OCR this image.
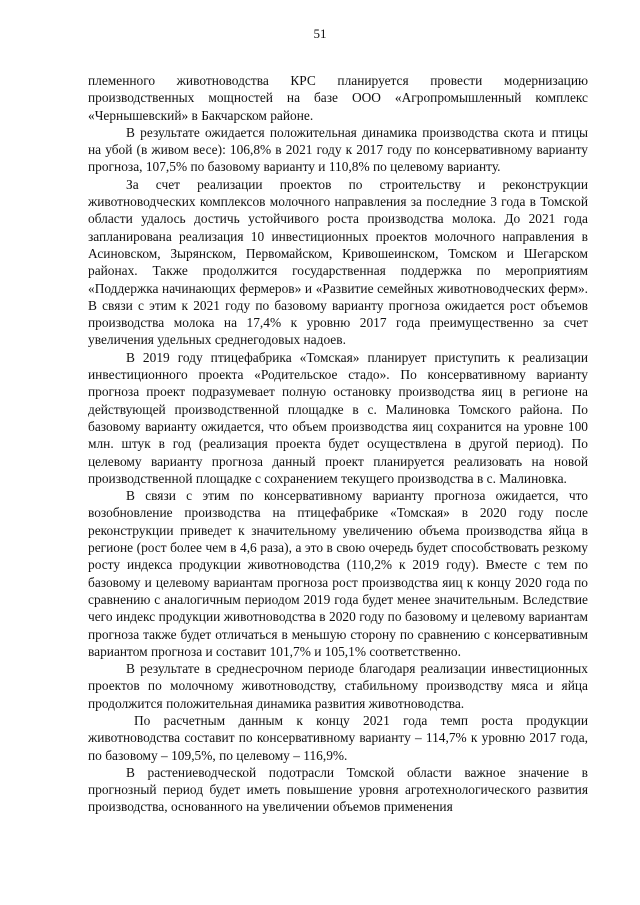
51

племенного животноводства КРС планируется провести модернизацию производственных мощностей на базе ООО «Агропромышленный комплекс «Чернышевский» в Бакчарском районе.

В результате ожидается положительная динамика производства скота и птицы на убой (в живом весе): 106,8% в 2021 году к 2017 году по консервативному варианту прогноза, 107,5% по базовому варианту и 110,8% по целевому варианту.

За счет реализации проектов по строительству и реконструкции животноводческих комплексов молочного направления за последние 3 года в Томской области удалось достичь устойчивого роста производства молока. До 2021 года запланирована реализация 10 инвестиционных проектов молочного направления в Асиновском, Зырянском, Первомайском, Кривошеинском, Томском и Шегарском районах. Также продолжится государственная поддержка по мероприятиям «Поддержка начинающих фермеров» и «Развитие семейных животноводческих ферм». В связи с этим к 2021 году по базовому варианту прогноза ожидается рост объемов производства молока на 17,4% к уровню 2017 года преимущественно за счет увеличения удельных среднегодовых надоев.

В 2019 году птицефабрика «Томская» планирует приступить к реализации инвестиционного проекта «Родительское стадо». По консервативному варианту прогноза проект подразумевает полную остановку производства яиц в регионе на действующей производственной площадке в с. Малиновка Томского района. По базовому варианту ожидается, что объем производства яиц сохранится на уровне 100 млн. штук в год (реализация проекта будет осуществлена в другой период). По целевому варианту прогноза данный проект планируется реализовать на новой производственной площадке с сохранением текущего производства в с. Малиновка.

В связи с этим по консервативному варианту прогноза ожидается, что возобновление производства на птицефабрике «Томская» в 2020 году после реконструкции приведет к значительному увеличению объема производства яйца в регионе (рост более чем в 4,6 раза), а это в свою очередь будет способствовать резкому росту индекса продукции животноводства (110,2% к 2019 году). Вместе с тем по базовому и целевому вариантам прогноза рост производства яиц к концу 2020 года по сравнению с аналогичным периодом 2019 года будет менее значительным. Вследствие чего индекс продукции животноводства в 2020 году по базовому и целевому вариантам прогноза также будет отличаться в меньшую сторону по сравнению с консервативным вариантом прогноза и составит 101,7% и 105,1% соответственно.

В результате в среднесрочном периоде благодаря реализации инвестиционных проектов по молочному животноводству, стабильному производству мяса и яйца продолжится положительная динамика развития животноводства.

По расчетным данным к концу 2021 года темп роста продукции животноводства составит по консервативному варианту – 114,7% к уровню 2017 года, по базовому – 109,5%, по целевому – 116,9%.

В растениеводческой подотрасли Томской области важное значение в прогнозный период будет иметь повышение уровня агротехнологического развития производства, основанного на увеличении объемов применения
